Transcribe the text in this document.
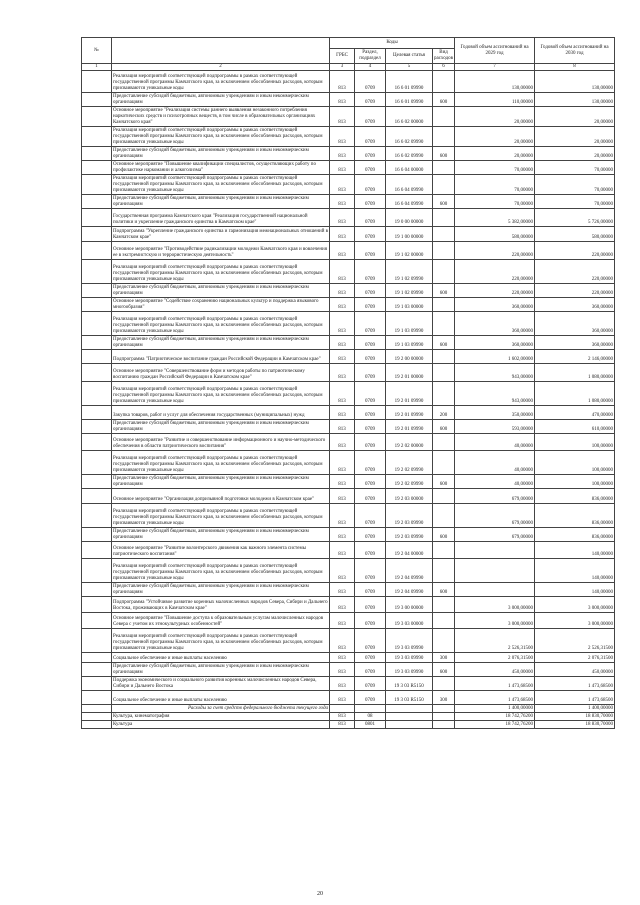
№		Коды				Годовой объем ассигнований на 2029 год	Годовой объем ассигнований на 2030 год
		ГРБС	Раздел, подраздел	Целевая статья	Вид расходов		
1	2	3	4	5	6	7	8
	Реализация мероприятий соответствующей подпрограммы в рамках соответствующей государственной программы Камчатского края, за исключением обособленных расходов, которым присваиваются уникальные коды	813	0709	16 6 01 09990		130,00000	130,00000
	Предоставление субсидий бюджетным, автономным учреждениям и иным некоммерческим организациям	813	0709	16 6 01 09990	600	110,00000	130,00000
	Основное мероприятие "Реализация системы раннего выявления незаконного потребления наркотических средств и психотропных веществ, в том числе в образовательных организациях Камчатского края"	813	0709	16 6 02 00000		20,00000	20,00000
	Реализация мероприятий соответствующей подпрограммы в рамках соответствующей государственной программы Камчатского края, за исключением обособленных расходов, которым присваиваются уникальные коды	813	0709	16 6 02 09990		20,00000	20,00000
	Предоставление субсидий бюджетным, автономным учреждениям и иным некоммерческим организациям	813	0709	16 6 02 09990	600	20,00000	20,00000
	Основное мероприятие "Повышение квалификации специалистов, осуществляющих работу по профилактике наркомании и алкоголизма"	813	0709	16 6 04 00000		70,00000	70,00000
	Реализация мероприятий соответствующей подпрограммы в рамках соответствующей государственной программы Камчатского края, за исключением обособленных расходов, которым присваиваются уникальные коды	813	0709	16 6 04 09990		70,00000	70,00000
	Предоставление субсидий бюджетным, автономным учреждениям и иным некоммерческим организациям	813	0709	16 6 04 09990	600	70,00000	70,00000
	Государственная программа Камчатского края "Реализация государственной национальной политики и укрепление гражданского единства в Камчатском крае"	813	0709	19 0 00 00000		5 382,00000	5 726,00000
	Подпрограмма "Укрепление гражданского единства и гармонизация межнациональных отношений в Камчатском крае"	813	0709	19 1 00 00000		580,00000	580,00000
	Основное мероприятие "Противодействие радикализации молодежи Камчатского края и вовлечения ее в экстремистскую и террористическую деятельность"	813	0709	19 1 02 00000		220,00000	220,00000
	Реализация мероприятий соответствующей подпрограммы в рамках соответствующей государственной программы Камчатского края, за исключением обособленных расходов, которым присваиваются уникальные коды	813	0709	19 1 02 09990		220,00000	220,00000
	Предоставление субсидий бюджетным, автономным учреждениям и иным некоммерческим организациям	813	0709	19 1 02 09990	600	220,00000	220,00000
	Основное мероприятие "Содействие сохранению национальных культур и поддержка языкового многообразия"	813	0709	19 1 03 00000		360,00000	360,00000
	Реализация мероприятий соответствующей подпрограммы в рамках соответствующей государственной программы Камчатского края, за исключением обособленных расходов, которым присваиваются уникальные коды	813	0709	19 1 03 09990		360,00000	360,00000
	Предоставление субсидий бюджетным, автономным учреждениям и иным некоммерческим организациям	813	0709	19 1 03 09990	600	360,00000	360,00000
	Подпрограмма "Патриотическое воспитание граждан Российской Федерации в Камчатском крае"	813	0709	19 2 00 00000		1 602,00000	2 146,00000
	Основное мероприятие "Совершенствование форм и методов работы по патриотическому воспитанию граждан Российской Федерации в Камчатском крае"	813	0709	19 2 01 00000		943,00000	1 080,00000
	Реализация мероприятий соответствующей подпрограммы в рамках соответствующей государственной программы Камчатского края, за исключением обособленных расходов, которым присваиваются уникальные коды	813	0709	19 2 01 09990		943,00000	1 080,00000
	Закупка товаров, работ и услуг для обеспечения государственных (муниципальных) нужд	813	0709	19 2 01 09990	200	350,00000	470,00000
	Предоставление субсидий бюджетным, автономным учреждениям и иным некоммерческим организациям	813	0709	19 2 01 09990	600	593,00000	610,00000
	Основное мероприятие "Развитие и совершенствование информационного и научно-методического обеспечения в области патриотического воспитания"	813	0709	19 2 02 00000		40,00000	100,00000
	Реализация мероприятий соответствующей подпрограммы в рамках соответствующей государственной программы Камчатского края, за исключением обособленных расходов, которым присваиваются уникальные коды	813	0709	19 2 02 09990		40,00000	100,00000
	Предоставление субсидий бюджетным, автономным учреждениям и иным некоммерческим организациям	813	0709	19 2 02 09990	600	40,00000	100,00000
	Основное мероприятие "Организация допризывной подготовки молодежи в Камчатском крае"	813	0709	19 2 03 00000		679,00000	836,00000
	Реализация мероприятий соответствующей подпрограммы в рамках соответствующей государственной программы Камчатского края, за исключением обособленных расходов, которым присваиваются уникальные коды	813	0709	19 2 03 09990		679,00000	836,00000
	Предоставление субсидий бюджетным, автономным учреждениям и иным некоммерческим организациям	813	0709	19 2 03 09990	600	679,00000	836,00000
	Основное мероприятие "Развитие волонтерского движения как важного элемента системы патриотического воспитания"	813	0709	19 2 04 00000			140,00000
	Реализация мероприятий соответствующей подпрограммы в рамках соответствующей государственной программы Камчатского края, за исключением обособленных расходов, которым присваиваются уникальные коды	813	0709	19 2 04 09990			140,00000
	Предоставление субсидий бюджетным, автономным учреждениям и иным некоммерческим организациям	813	0709	19 2 04 09990	600		140,00000
	Подпрограмма "Устойчивое развитие коренных малочисленных народов Севера, Сибири и Дальнего Востока, проживающих в Камчатском крае"	813	0709	19 3 00 00000		3 000,00000	3 000,00000
	Основное мероприятие "Повышение доступа к образовательным услугам малочисленных народов Севера с учетом их этнокультурных особенностей"	813	0709	19 3 03 00000		3 000,00000	3 000,00000
	Реализация мероприятий соответствующей подпрограммы в рамках соответствующей государственной программы Камчатского края, за исключением обособленных расходов, которым присваиваются уникальные коды	813	0709	19 3 03 09990		2 526,31500	2 526,31500
	Социальное обеспечение и иные выплаты населению	813	0709	19 3 03 09990	300	2 076,31500	2 076,31500
	Предоставление субсидий бюджетным, автономным учреждениям и иным некоммерческим организациям	813	0709	19 3 03 09990	600	450,00000	450,00000
	Поддержка экономического и социального развития коренных малочисленных народов Севера, Сибири и Дальнего Востока	813	0709	19 3 03 R5150		1 473,68500	1 473,68500
	Социальное обеспечение и иные выплаты населению	813	0709	19 3 03 R5150	300	1 473,68500	1 473,68500
	Расходы за счет средств федерального бюджета текущего года					1 400,00000	1 400,00000
	Культура, кинематография	813	08			18 742,76200	18 830,70000
	Культура	813	0801			18 742,76200	18 830,70000
20
